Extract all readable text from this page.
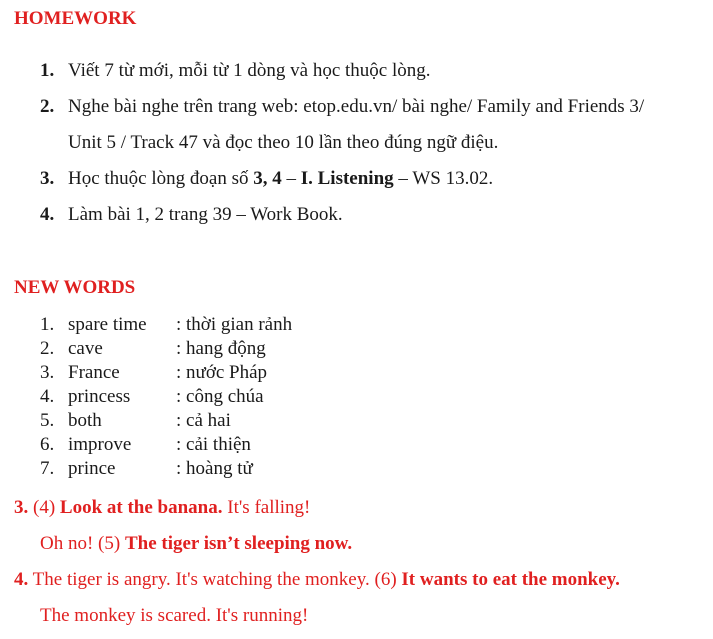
HOMEWORK
1. Viết 7 từ mới, mỗi từ 1 dòng và học thuộc lòng.
2. Nghe bài nghe trên trang web: etop.edu.vn/ bài nghe/ Family and Friends 3/
Unit 5 / Track 47 và đọc theo 10 lần theo đúng ngữ điệu.
3. Học thuộc lòng đoạn số 3, 4 – I. Listening – WS 13.02.
4. Làm bài 1, 2 trang 39 – Work Book.
NEW WORDS
1. spare time : thời gian rảnh
2. cave	: hang động
3. France	: nước Pháp
4. princess : công chúa
5. both	: cả hai
6. improve : cải thiện
7. prince	: hoàng tử
3. (4) Look at the banana. It's falling!
Oh no! (5) The tiger isn’t sleeping now.
4. The tiger is angry. It's watching the monkey. (6) It wants to eat the monkey.
The monkey is scared. It's running!
